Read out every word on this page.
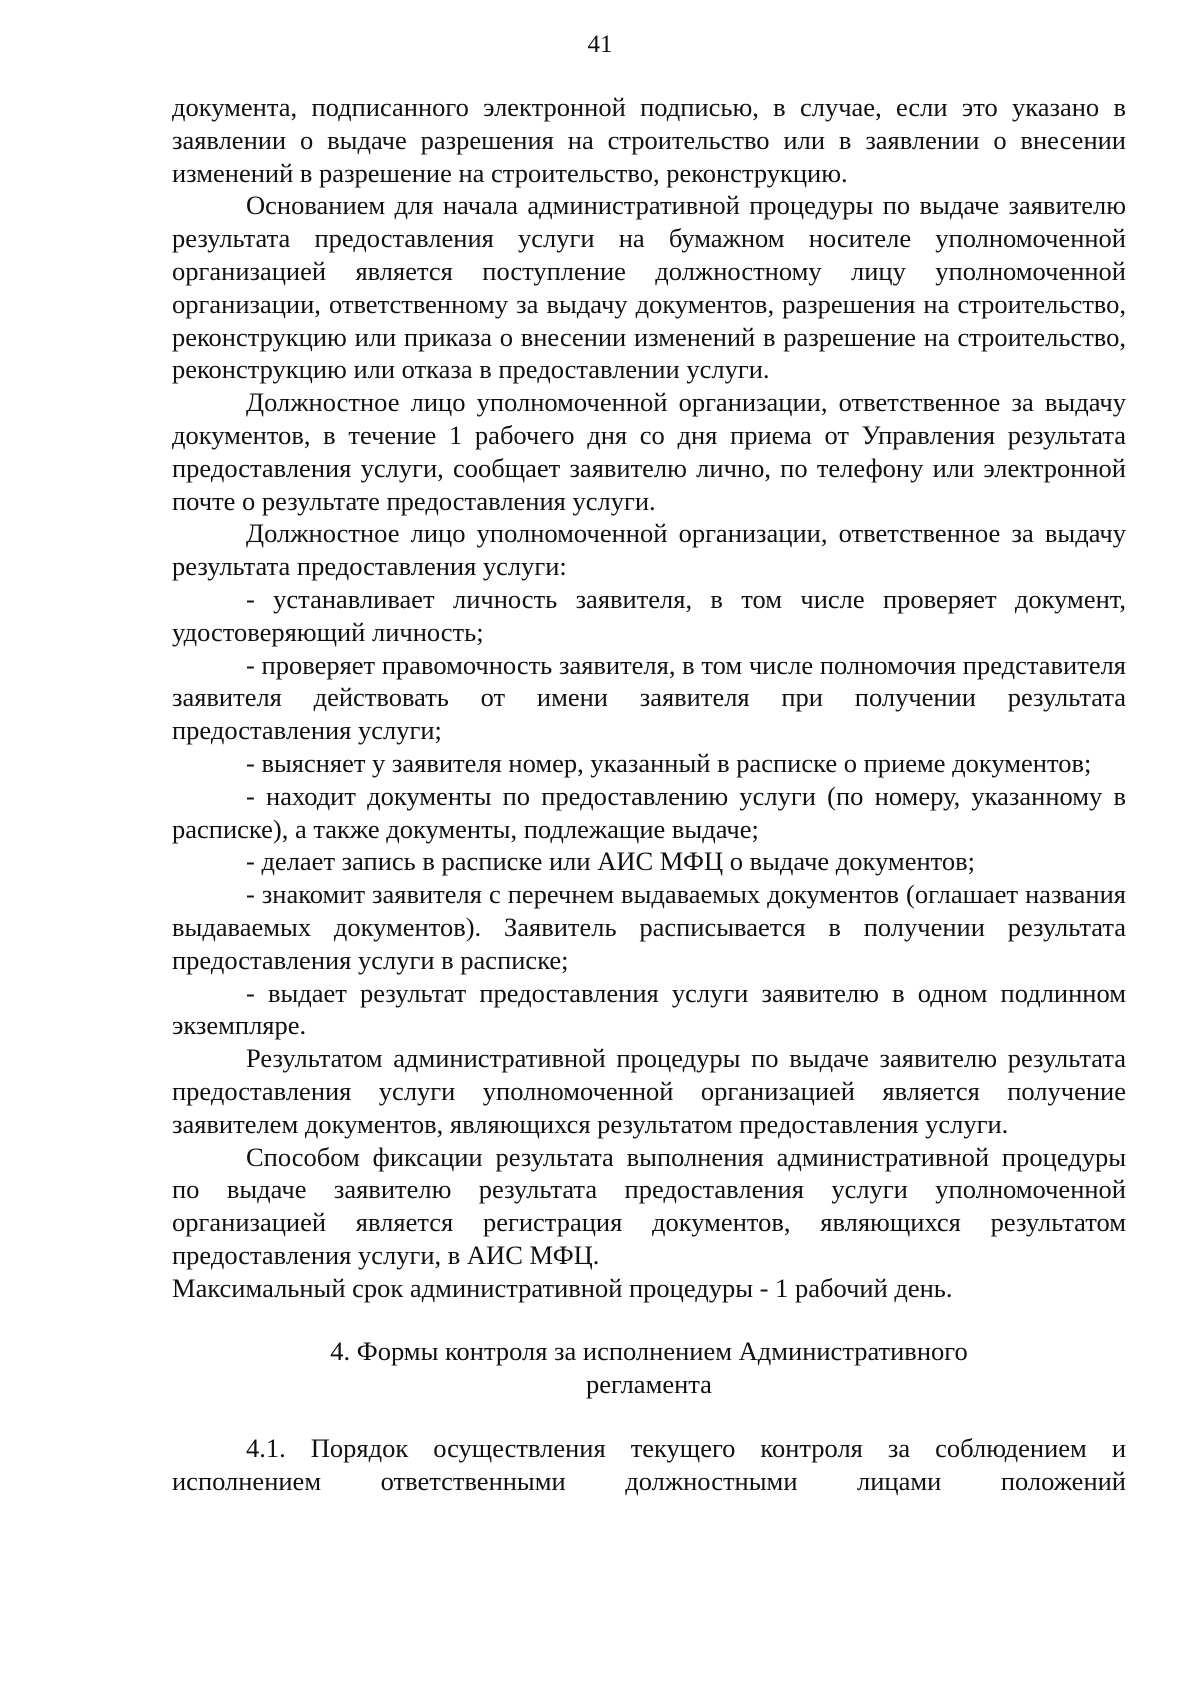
41

документа, подписанного электронной подписью, в случае, если это указано в заявлении о выдаче разрешения на строительство или в заявлении о внесении изменений в разрешение на строительство, реконструкцию.

Основанием для начала административной процедуры по выдаче заявителю результата предоставления услуги на бумажном носителе уполномоченной организацией является поступление должностному лицу уполномоченной организации, ответственному за выдачу документов, разрешения на строительство, реконструкцию или приказа о внесении изменений в разрешение на строительство, реконструкцию или отказа в предоставлении услуги.

Должностное лицо уполномоченной организации, ответственное за выдачу документов, в течение 1 рабочего дня со дня приема от Управления результата предоставления услуги, сообщает заявителю лично, по телефону или электронной почте о результате предоставления услуги.

Должностное лицо уполномоченной организации, ответственное за выдачу результата предоставления услуги:

- устанавливает личность заявителя, в том числе проверяет документ, удостоверяющий личность;

- проверяет правомочность заявителя, в том числе полномочия представителя заявителя действовать от имени заявителя при получении результата предоставления услуги;

- выясняет у заявителя номер, указанный в расписке о приеме документов;

- находит документы по предоставлению услуги (по номеру, указанному в расписке), а также документы, подлежащие выдаче;

- делает запись в расписке или АИС МФЦ о выдаче документов;

- знакомит заявителя с перечнем выдаваемых документов (оглашает названия выдаваемых документов). Заявитель расписывается в получении результата предоставления услуги в расписке;

- выдает результат предоставления услуги заявителю в одном подлинном экземпляре.

Результатом административной процедуры по выдаче заявителю результата предоставления услуги уполномоченной организацией является получение заявителем документов, являющихся результатом предоставления услуги.

Способом фиксации результата выполнения административной процедуры по выдаче заявителю результата предоставления услуги уполномоченной организацией является регистрация документов, являющихся результатом предоставления услуги, в АИС МФЦ.

Максимальный срок административной процедуры - 1 рабочий день.

4. Формы контроля за исполнением Административного
регламента

4.1. Порядок осуществления текущего контроля за соблюдением и исполнением ответственными должностными лицами положений
